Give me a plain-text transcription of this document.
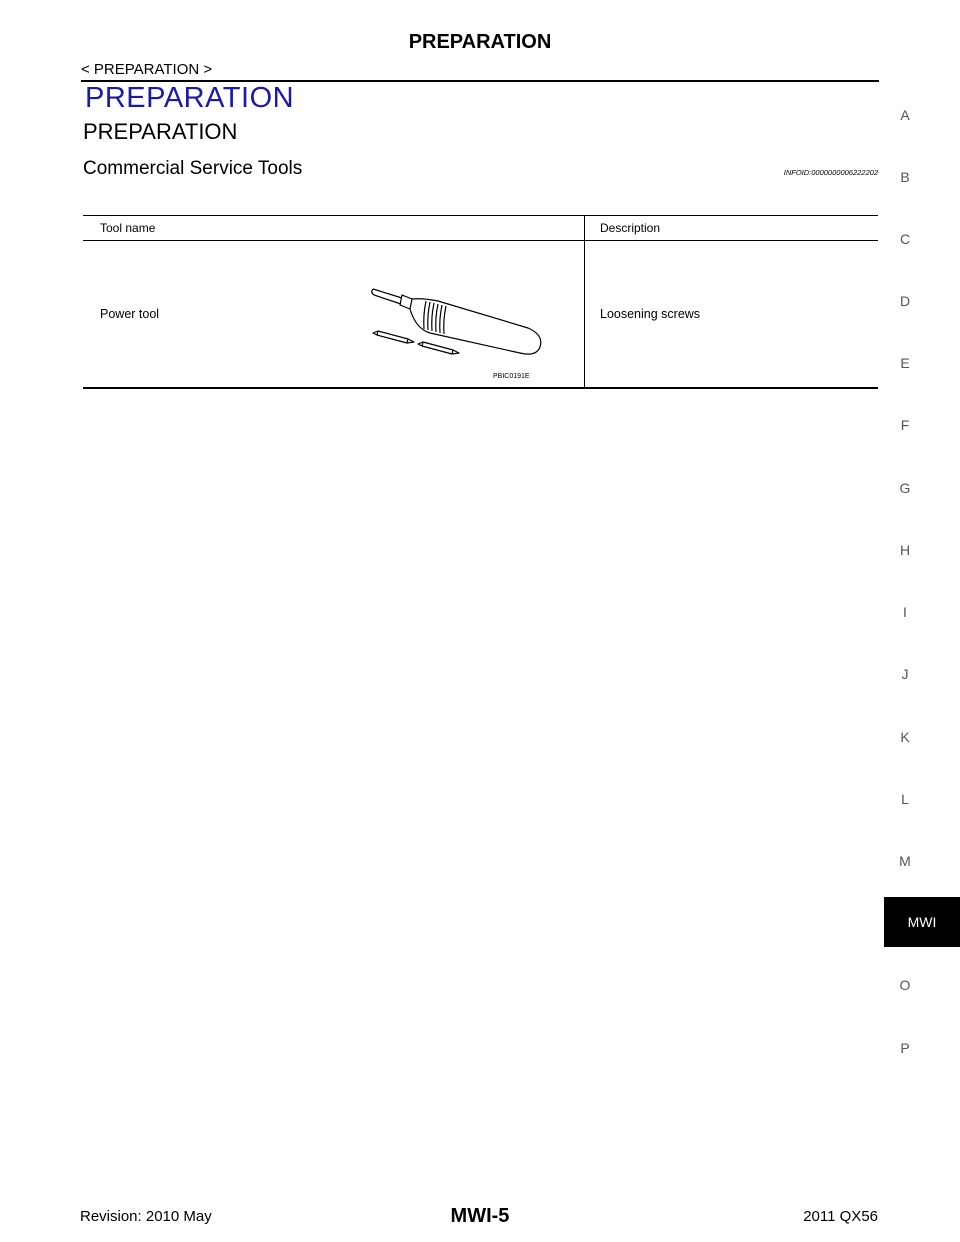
PREPARATION
< PREPARATION >
PREPARATION
PREPARATION
Commercial Service Tools	INFOID:0000000006222202
Tool name	Description
Power tool	Loosening screws
PBIC0191E
A
B
C
D
E
F
G
H
I
J
K
L
M
MWI
O
P
Revision: 2010 May	MWI-5	2011 QX56
